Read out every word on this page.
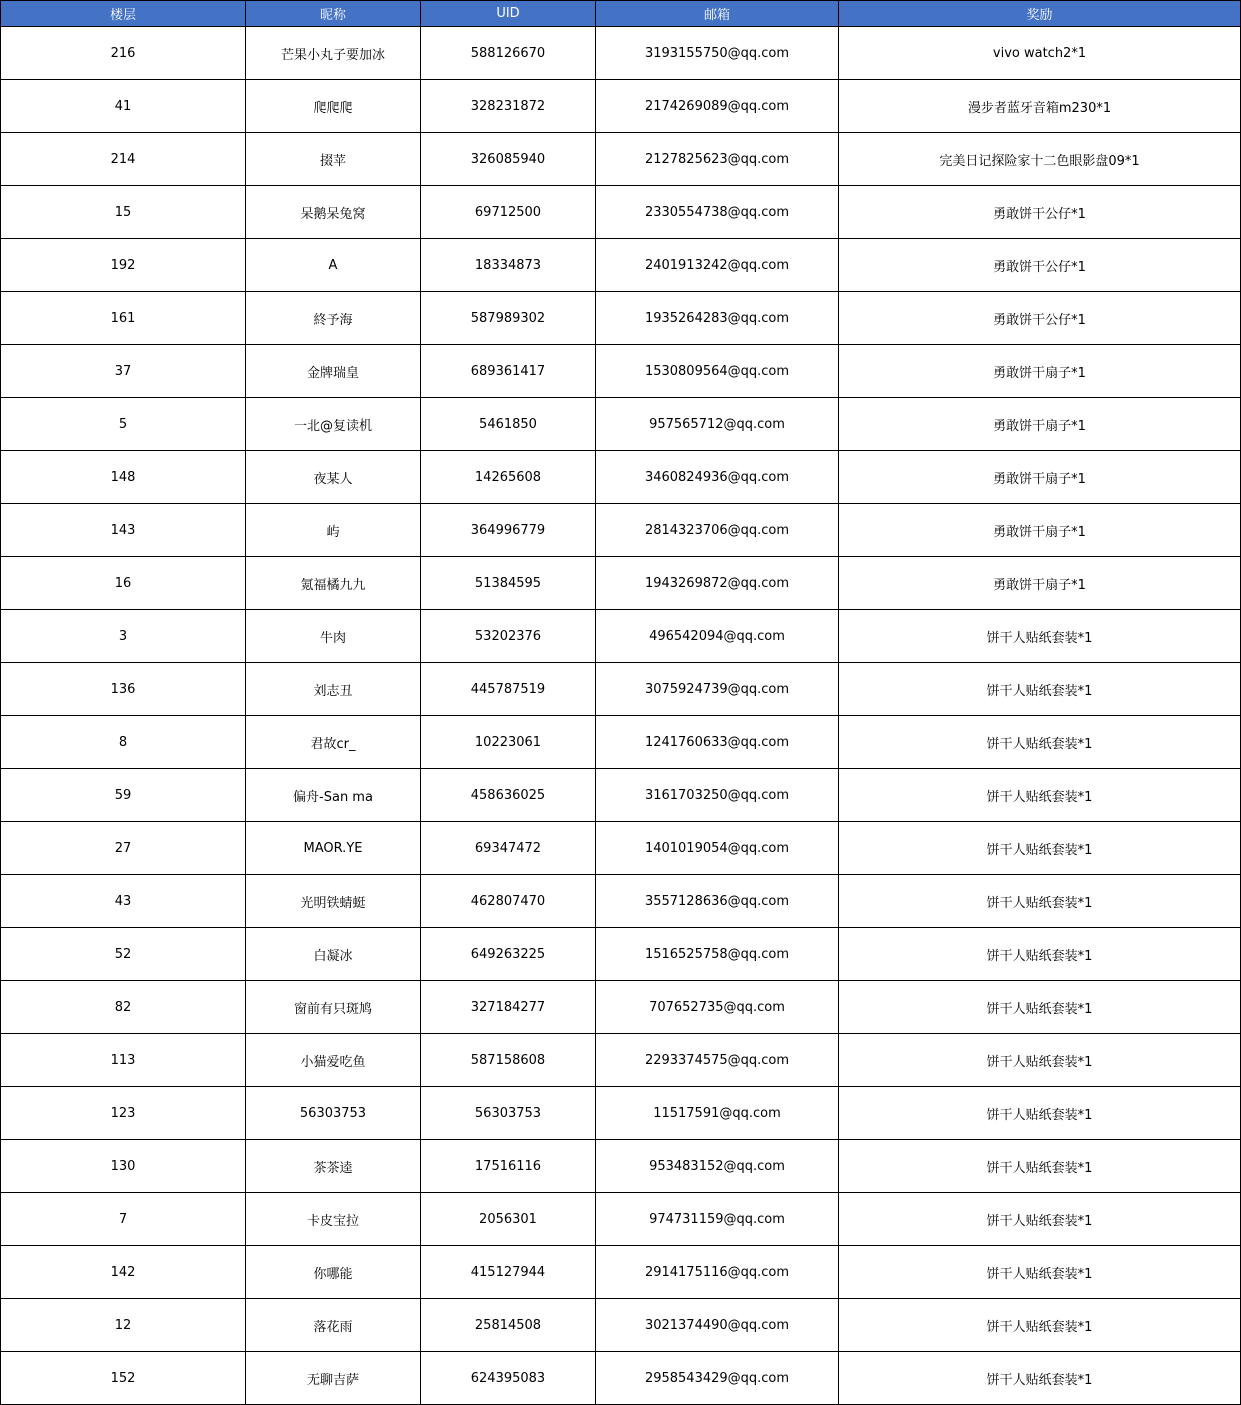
楼层	昵称	UID	邮箱	奖励
216	芒果小丸子要加冰	588126670	3193155750@qq.com	vivo watch2*1
41	爬爬爬	328231872	2174269089@qq.com	漫步者蓝牙音箱m230*1
214	掇苹	326085940	2127825623@qq.com	完美日记探险家十二色眼影盘09*1
15	呆鹅呆兔窝	69712500	2330554738@qq.com	勇敢饼干公仔*1
192	A	18334873	2401913242@qq.com	勇敢饼干公仔*1
161	終予海	587989302	1935264283@qq.com	勇敢饼干公仔*1
37	金牌瑞皇	689361417	1530809564@qq.com	勇敢饼干扇子*1
5	一北@复读机	5461850	957565712@qq.com	勇敢饼干扇子*1
148	夜某人	14265608	3460824936@qq.com	勇敢饼干扇子*1
143	屿	364996779	2814323706@qq.com	勇敢饼干扇子*1
16	氪福橘九九	51384595	1943269872@qq.com	勇敢饼干扇子*1
3	牛肉	53202376	496542094@qq.com	饼干人贴纸套装*1
136	刘志丑	445787519	3075924739@qq.com	饼干人贴纸套装*1
8	君故cr_	10223061	1241760633@qq.com	饼干人贴纸套装*1
59	偏舟-San ma	458636025	3161703250@qq.com	饼干人贴纸套装*1
27	MAOR.YE	69347472	1401019054@qq.com	饼干人贴纸套装*1
43	光明铁蜻蜓	462807470	3557128636@qq.com	饼干人贴纸套装*1
52	白凝冰	649263225	1516525758@qq.com	饼干人贴纸套装*1
82	窗前有只斑鸠	327184277	707652735@qq.com	饼干人贴纸套装*1
113	小猫爱吃鱼	587158608	2293374575@qq.com	饼干人贴纸套装*1
123	56303753	56303753	11517591@qq.com	饼干人贴纸套装*1
130	茶茶逵	17516116	953483152@qq.com	饼干人贴纸套装*1
7	卡皮宝拉	2056301	974731159@qq.com	饼干人贴纸套装*1
142	你哪能	415127944	2914175116@qq.com	饼干人贴纸套装*1
12	落花雨	25814508	3021374490@qq.com	饼干人贴纸套装*1
152	无聊吉萨	624395083	2958543429@qq.com	饼干人贴纸套装*1
